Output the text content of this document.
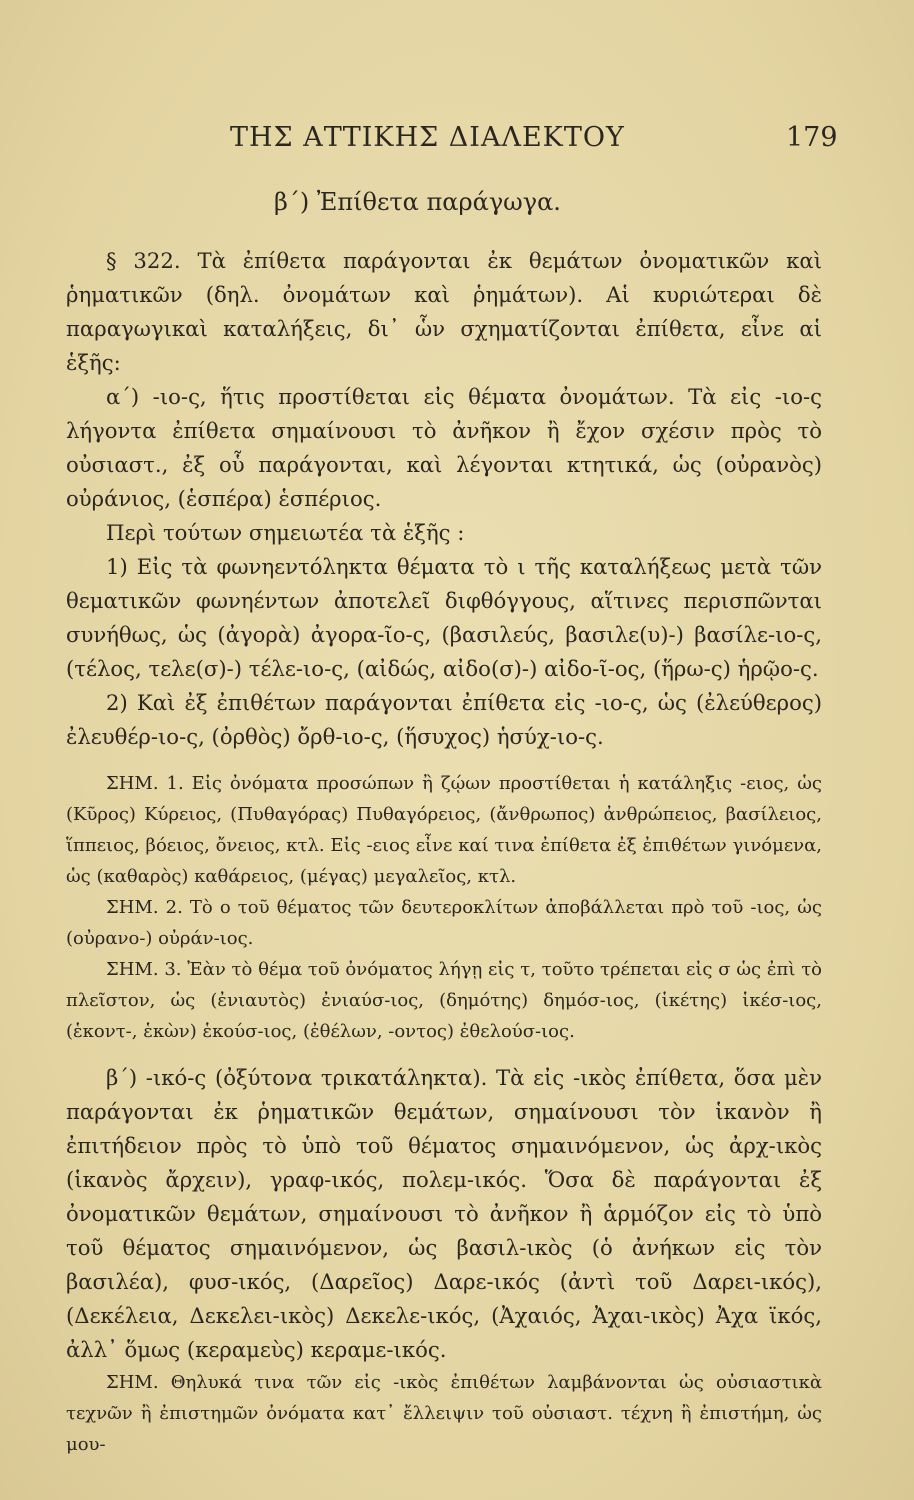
ΤΗΣ ΑΤΤΙΚΗΣ ΔΙΑΛΕΚΤΟΥ	179
β΄) Ἐπίθετα παράγωγα.

§ 322. Τὰ ἐπίθετα παράγονται ἐκ θεμάτων ὀνοματικῶν καὶ ῥηματικῶν (δηλ. ὀνομάτων καὶ ῥημάτων). Αἱ κυριώτεραι δὲ παραγωγικαὶ καταλήξεις, δι᾽ ὧν σχηματίζονται ἐπίθετα, εἶνε αἱ ἑξῆς:

α΄) -ιο-ς, ἥτις προστίθεται εἰς θέματα ὀνομάτων. Τὰ εἰς -ιο-ς λήγοντα ἐπίθετα σημαίνουσι τὸ ἀνῆκον ἢ ἔχον σχέσιν πρὸς τὸ οὐσιαστ., ἐξ οὗ παράγονται, καὶ λέγονται κτητικά, ὡς (οὐρανὸς) οὐράνιος, (ἑσπέρα) ἑσπέριος.

Περὶ τούτων σημειωτέα τὰ ἑξῆς :

1) Εἰς τὰ φωνηεντόληκτα θέματα τὸ ι τῆς καταλήξεως μετὰ τῶν θεματικῶν φωνηέντων ἀποτελεῖ διφθόγγους, αἵτινες περισπῶνται συνήθως, ὡς (ἀγορὰ) ἀγορα-ῖο-ς, (βασιλεύς, βασιλε(υ)-) βασίλε-ιο-ς, (τέλος, τελε(σ)-) τέλε-ιο-ς, (αἰδώς, αἰδο(σ)-) αἰδο-ῖ-ος, (ἥρω-ς) ἡρῷο-ς.

2) Καὶ ἐξ ἐπιθέτων παράγονται ἐπίθετα εἰς -ιο-ς, ὡς (ἐλεύθερος) ἐλευθέρ-ιο-ς, (ὀρθὸς) ὄρθ-ιο-ς, (ἥσυχος) ἡσύχ-ιο-ς.

ΣΗΜ. 1. Εἰς ὀνόματα προσώπων ἢ ζῴων προστίθεται ἡ κατάληξις -ειος, ὡς (Κῦρος) Κύρειος, (Πυθαγόρας) Πυθαγόρειος, (ἄνθρωπος) ἀνθρώπειος, βασίλειος, ἵππειος, βόειος, ὄνειος, κτλ. Εἰς -ειος εἶνε καί τινα ἐπίθετα ἐξ ἐπιθέτων γινόμενα, ὡς (καθαρὸς) καθάρειος, (μέγας) μεγαλεῖος, κτλ.

ΣΗΜ. 2. Τὸ ο τοῦ θέματος τῶν δευτεροκλίτων ἀποβάλλεται πρὸ τοῦ -ιος, ὡς (οὐρανο-) οὐράν-ιος.

ΣΗΜ. 3. Ἐὰν τὸ θέμα τοῦ ὀνόματος λήγῃ εἰς τ, τοῦτο τρέπεται εἰς σ ὡς ἐπὶ τὸ πλεῖστον, ὡς (ἐνιαυτὸς) ἐνιαύσ-ιος, (δημότης) δημόσ-ιος, (ἱκέτης) ἱκέσ-ιος, (ἑκοντ-, ἑκὼν) ἑκούσ-ιος, (ἐθέλων, -οντος) ἐθελούσ-ιος.

β΄) -ικό-ς (ὀξύτονα τρικατάληκτα). Τὰ εἰς -ικὸς ἐπίθετα, ὅσα μὲν παράγονται ἐκ ῥηματικῶν θεμάτων, σημαίνουσι τὸν ἱκανὸν ἢ ἐπιτήδειον πρὸς τὸ ὑπὸ τοῦ θέματος σημαινόμενον, ὡς ἀρχ-ικὸς (ἱκανὸς ἄρχειν), γραφ-ικός, πολεμ-ικός. Ὅσα δὲ παράγονται ἐξ ὀνοματικῶν θεμάτων, σημαίνουσι τὸ ἀνῆκον ἢ ἁρμόζον εἰς τὸ ὑπὸ τοῦ θέματος σημαινόμενον, ὡς βασιλ-ικὸς (ὁ ἀνήκων εἰς τὸν βασιλέα), φυσ-ικός, (Δαρεῖος) Δαρε-ικός (ἀντὶ τοῦ Δαρει-ικός), (Δεκέλεια, Δεκελει-ικὸς) Δεκελε-ικός, (Ἀχαιός, Ἀχαι-ικὸς) Ἀχα ϊκός, ἀλλ᾽ ὅμως (κεραμεὺς) κεραμε-ικός.

ΣΗΜ. Θηλυκά τινα τῶν εἰς -ικὸς ἐπιθέτων λαμβάνονται ὡς οὐσιαστικὰ τεχνῶν ἢ ἐπιστημῶν ὀνόματα κατ᾽ ἔλλειψιν τοῦ οὐσιαστ. τέχνη ἢ ἐπιστήμη, ὡς μου-
